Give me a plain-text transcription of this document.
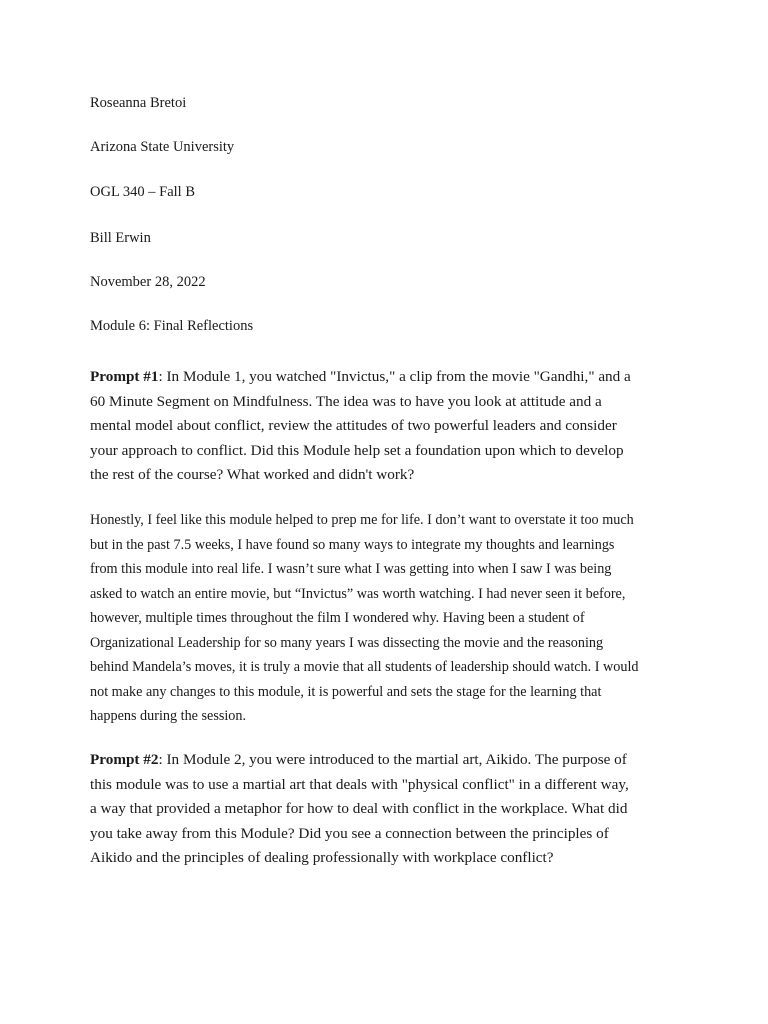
Roseanna Bretoi
Arizona State University
OGL 340 – Fall B
Bill Erwin
November 28, 2022
Module 6: Final Reflections
Prompt #1: In Module 1, you watched "Invictus," a clip from the movie "Gandhi," and a
60 Minute Segment on Mindfulness. The idea was to have you look at attitude and a
mental model about conflict, review the attitudes of two powerful leaders and consider
your approach to conflict. Did this Module help set a foundation upon which to develop
the rest of the course? What worked and didn't work?
Honestly, I feel like this module helped to prep me for life. I don’t want to overstate it too much
but in the past 7.5 weeks, I have found so many ways to integrate my thoughts and learnings
from this module into real life. I wasn’t sure what I was getting into when I saw I was being
asked to watch an entire movie, but “Invictus” was worth watching. I had never seen it before,
however, multiple times throughout the film I wondered why. Having been a student of
Organizational Leadership for so many years I was dissecting the movie and the reasoning
behind Mandela’s moves, it is truly a movie that all students of leadership should watch. I would
not make any changes to this module, it is powerful and sets the stage for the learning that
happens during the session.
Prompt #2: In Module 2, you were introduced to the martial art, Aikido. The purpose of
this module was to use a martial art that deals with "physical conflict" in a different way,
a way that provided a metaphor for how to deal with conflict in the workplace. What did
you take away from this Module? Did you see a connection between the principles of
Aikido and the principles of dealing professionally with workplace conflict?
